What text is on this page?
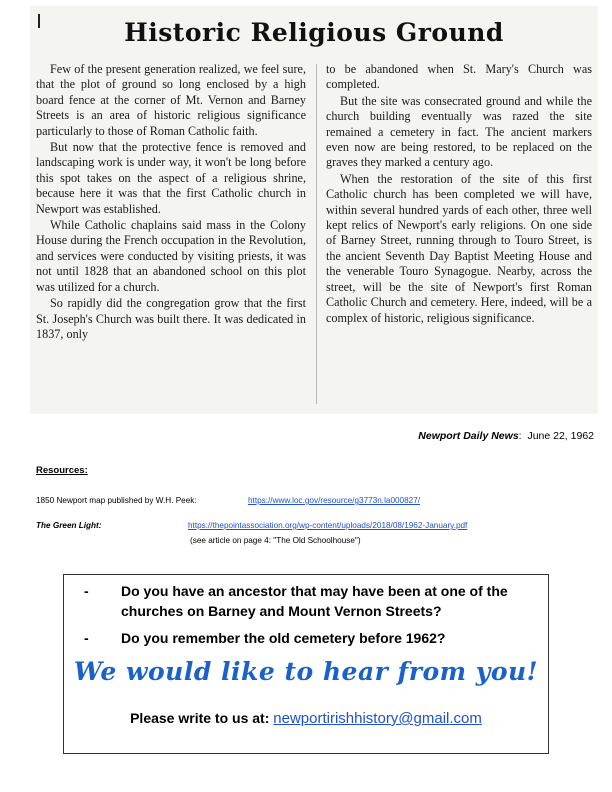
Historic Religious Ground

Few of the present generation realized, we feel sure, that the plot of ground so long enclosed by a high board fence at the corner of Mt. Vernon and Barney Streets is an area of historic religious significance particularly to those of Roman Catholic faith.

But now that the protective fence is removed and landscaping work is under way, it won't be long before this spot takes on the aspect of a religious shrine, because here it was that the first Catholic church in Newport was established.

While Catholic chaplains said mass in the Colony House during the French occupation in the Revolution, and services were conducted by visiting priests, it was not until 1828 that an abandoned school on this plot was utilized for a church.

So rapidly did the congregation grow that the first St. Joseph's Church was built there. It was dedicated in 1837, only

to be abandoned when St. Mary's Church was completed.

But the site was consecrated ground and while the church building eventually was razed the site remained a cemetery in fact. The ancient markers even now are being restored, to be replaced on the graves they marked a century ago.

When the restoration of the site of this first Catholic church has been completed we will have, within several hundred yards of each other, three well kept relics of Newport's early religions. On one side of Barney Street, running through to Touro Street, is the ancient Seventh Day Baptist Meeting House and the venerable Touro Synagogue. Nearby, across the street, will be the site of Newport's first Roman Catholic Church and cemetery. Here, indeed, will be a complex of historic, religious significance.

Newport Daily News:  June 22, 1962
Resources:
1850 Newport map published by W.H. Peek:	https://www.loc.gov/resource/g3773n.la000827/
The Green Light:	https://thepointassociation.org/wp-content/uploads/2018/08/1962-January.pdf
(see article on page 4: "The Old Schoolhouse")
-	Do you have an ancestor that may have been at one of the churches on Barney and Mount Vernon Streets?
-	Do you remember the old cemetery before 1962?
We would like to hear from you!
Please write to us at: newportirishhistory@gmail.com
